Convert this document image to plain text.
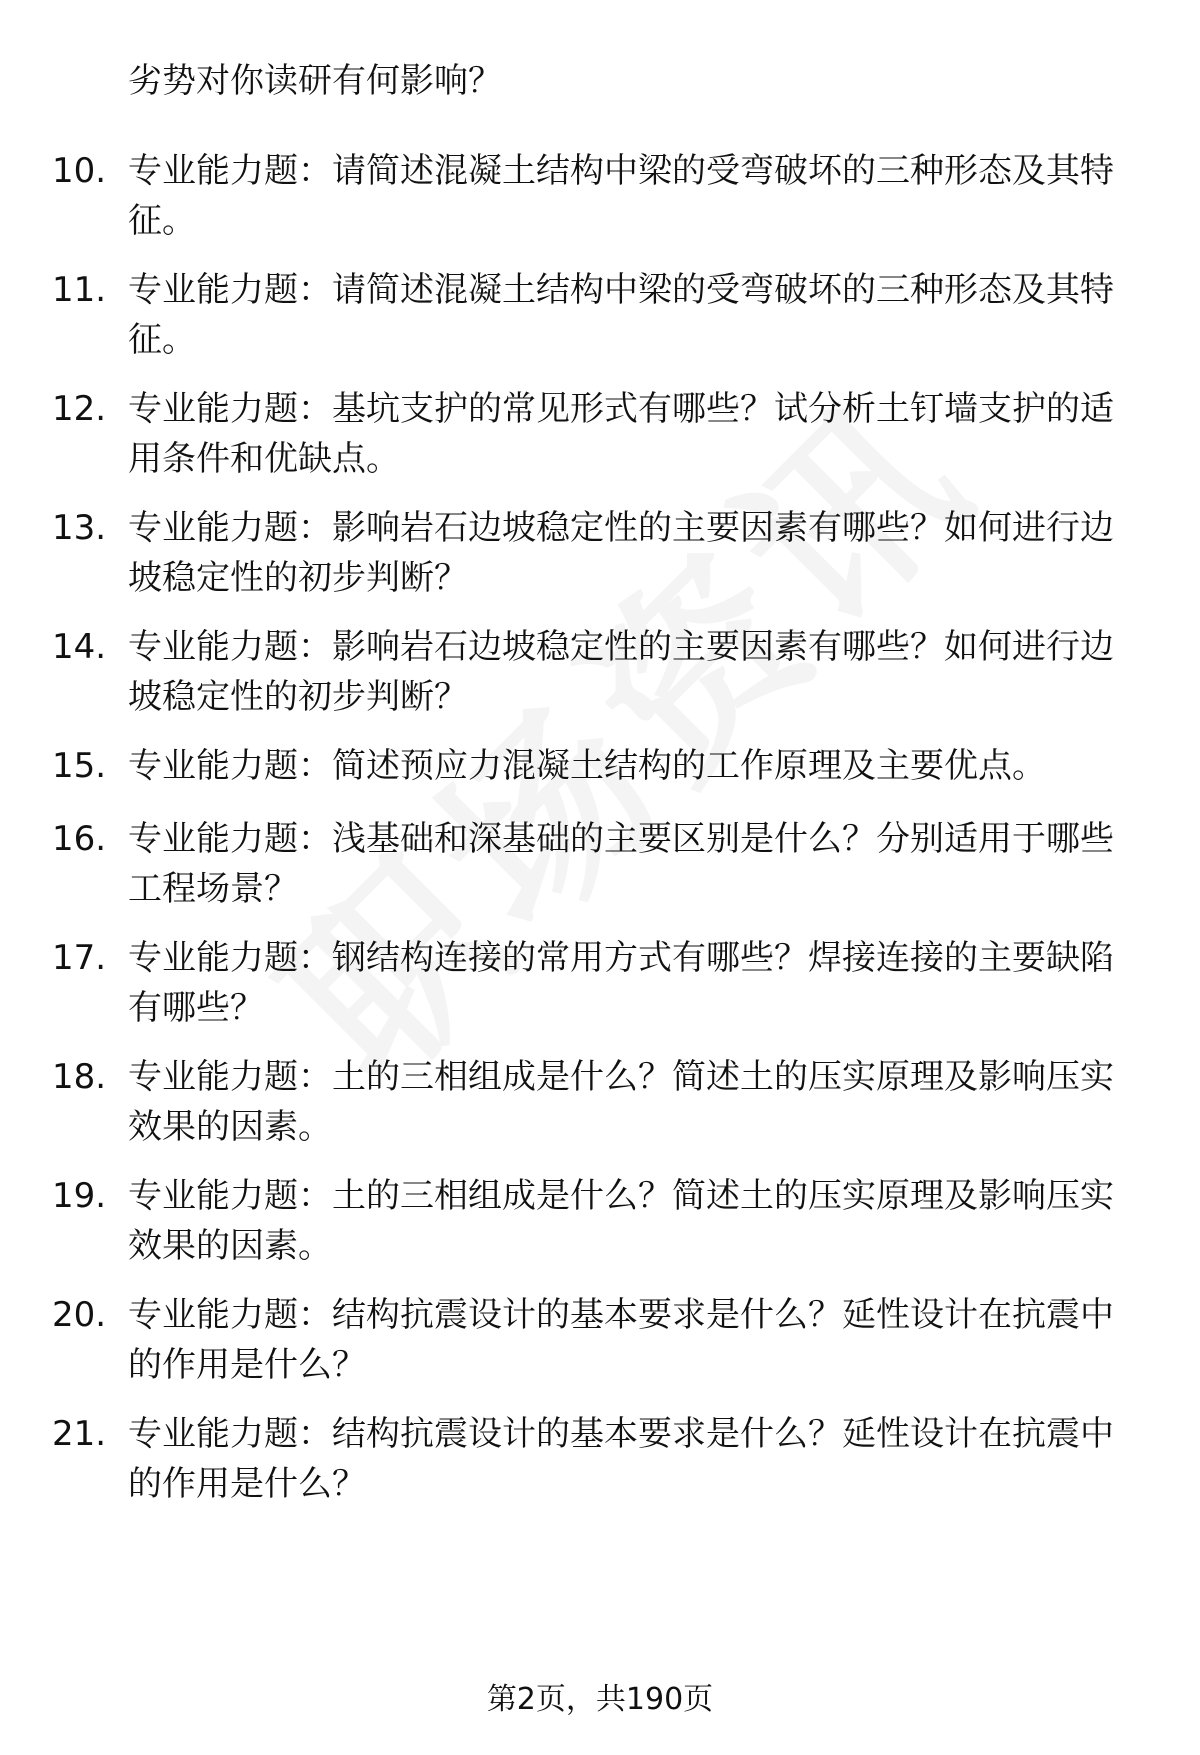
劣势对你读研有何影响？
10. 专业能力题：请简述混凝土结构中梁的受弯破坏的三种形态及其特征。
11. 专业能力题：请简述混凝土结构中梁的受弯破坏的三种形态及其特征。
12. 专业能力题：基坑支护的常见形式有哪些？试分析土钉墙支护的适用条件和优缺点。
13. 专业能力题：影响岩石边坡稳定性的主要因素有哪些？如何进行边坡稳定性的初步判断？
14. 专业能力题：影响岩石边坡稳定性的主要因素有哪些？如何进行边坡稳定性的初步判断？
15. 专业能力题：简述预应力混凝土结构的工作原理及主要优点。
16. 专业能力题：浅基础和深基础的主要区别是什么？分别适用于哪些工程场景？
17. 专业能力题：钢结构连接的常用方式有哪些？焊接连接的主要缺陷有哪些？
18. 专业能力题：土的三相组成是什么？简述土的压实原理及影响压实效果的因素。
19. 专业能力题：土的三相组成是什么？简述土的压实原理及影响压实效果的因素。
20. 专业能力题：结构抗震设计的基本要求是什么？延性设计在抗震中的作用是什么？
21. 专业能力题：结构抗震设计的基本要求是什么？延性设计在抗震中的作用是什么？
第2页，共190页
